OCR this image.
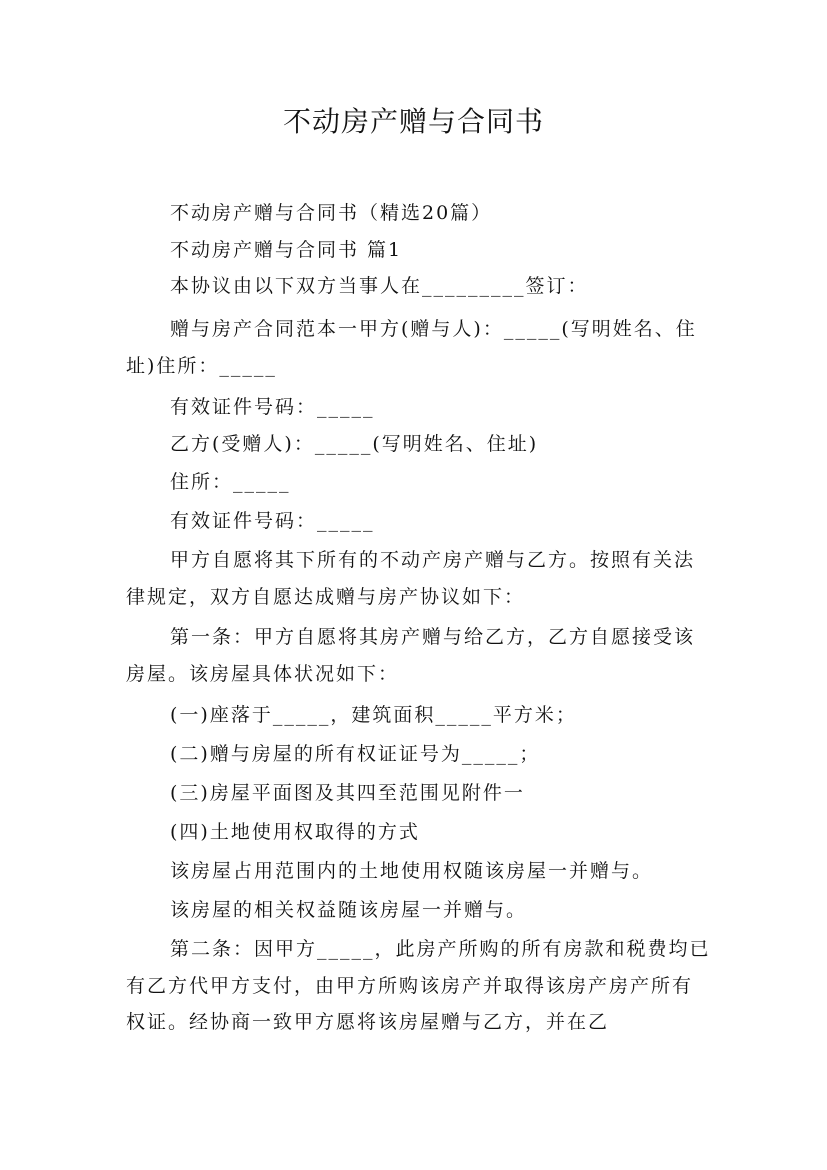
不动房产赠与合同书

不动房产赠与合同书（精选20篇）

不动房产赠与合同书 篇1

本协议由以下双方当事人在_________签订：

赠与房产合同范本一甲方(赠与人)：_____(写明姓名、住址)住所：_____

有效证件号码：_____

乙方(受赠人)：_____(写明姓名、住址)

住所：_____

有效证件号码：_____

甲方自愿将其下所有的不动产房产赠与乙方。按照有关法律规定，双方自愿达成赠与房产协议如下：

第一条：甲方自愿将其房产赠与给乙方，乙方自愿接受该房屋。该房屋具体状况如下：

(一)座落于_____，建筑面积_____平方米；

(二)赠与房屋的所有权证证号为_____；

(三)房屋平面图及其四至范围见附件一

(四)土地使用权取得的方式

该房屋占用范围内的土地使用权随该房屋一并赠与。

该房屋的相关权益随该房屋一并赠与。

第二条：因甲方_____，此房产所购的所有房款和税费均已有乙方代甲方支付，由甲方所购该房产并取得该房产房产所有权证。经协商一致甲方愿将该房屋赠与乙方，并在乙
